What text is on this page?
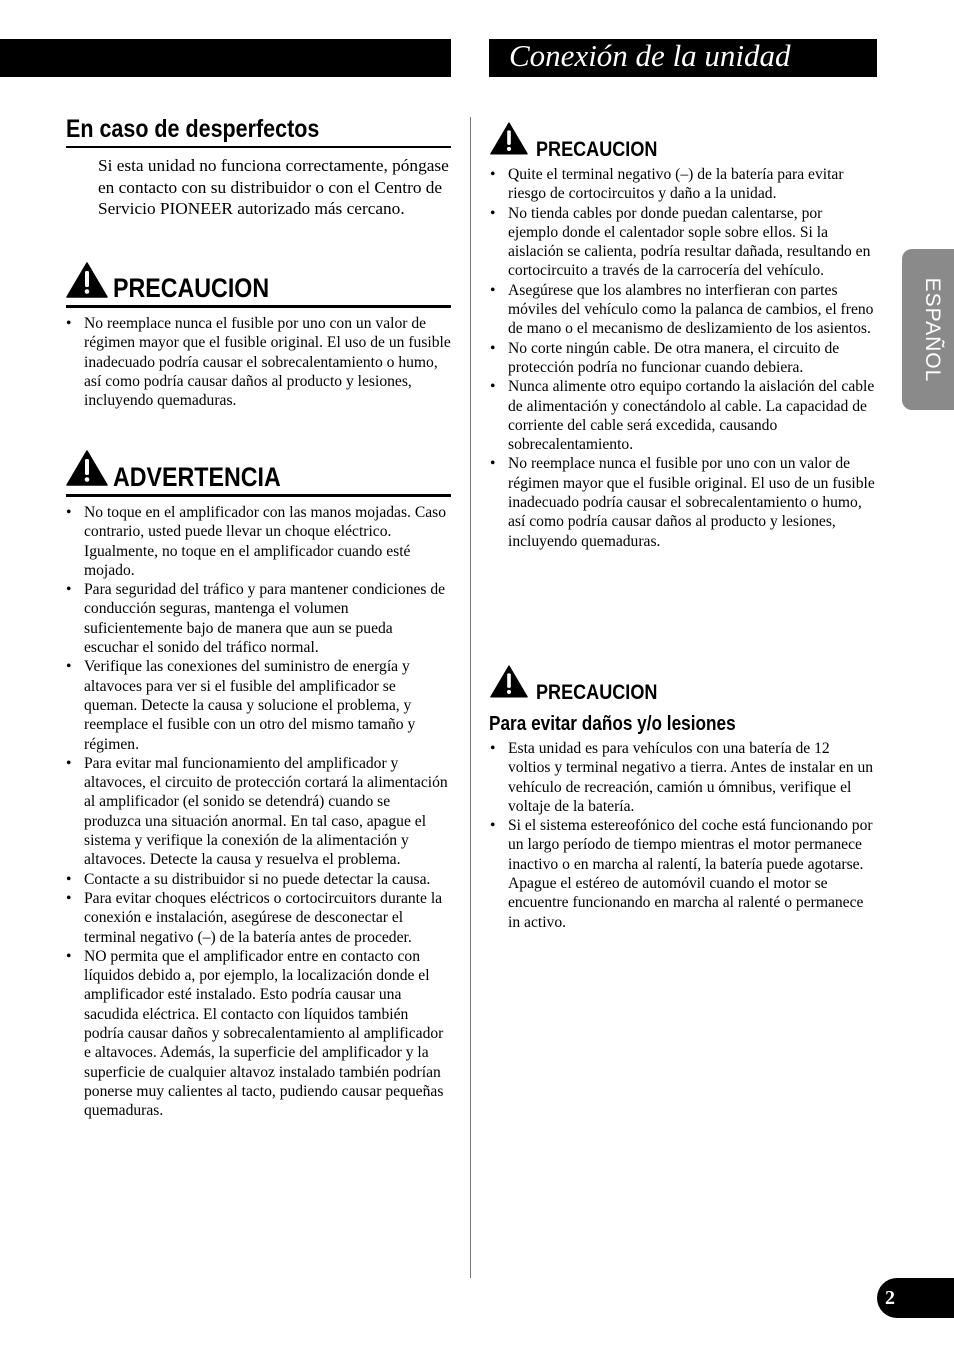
Conexión de la unidad
En caso de desperfectos
Si esta unidad no funciona correctamente, póngase en contacto con su distribuidor o con el Centro de Servicio PIONEER autorizado más cercano.
PRECAUCION
• No reemplace nunca el fusible por uno con un valor de régimen mayor que el fusible original. El uso de un fusible inadecuado podría causar el sobrecalentamiento o humo, así como podría causar daños al producto y lesiones, incluyendo quemaduras.
ADVERTENCIA
• No toque en el amplificador con las manos mojadas. Caso contrario, usted puede llevar un choque eléctrico. Igualmente, no toque en el amplificador cuando esté mojado.
• Para seguridad del tráfico y para mantener condiciones de conducción seguras, mantenga el volumen suficientemente bajo de manera que aun se pueda escuchar el sonido del tráfico normal.
• Verifique las conexiones del suministro de energía y altavoces para ver si el fusible del amplificador se queman. Detecte la causa y solucione el problema, y reemplace el fusible con un otro del mismo tamaño y régimen.
• Para evitar mal funcionamiento del amplificador y altavoces, el circuito de protección cortará la alimentación al amplificador (el sonido se detendrá) cuando se produzca una situación anormal. En tal caso, apague el sistema y verifique la conexión de la alimentación y altavoces. Detecte la causa y resuelva el problema.
• Contacte a su distribuidor si no puede detectar la causa.
• Para evitar choques eléctricos o cortocircuitors durante la conexión e instalación, asegúrese de desconectar el terminal negativo (–) de la batería antes de proceder.
• NO permita que el amplificador entre en contacto con líquidos debido a, por ejemplo, la localización donde el amplificador esté instalado. Esto podría causar una sacudida eléctrica. El contacto con líquidos también podría causar daños y sobrecalentamiento al amplificador e altavoces. Además, la superficie del amplificador y la superficie de cualquier altavoz instalado también podrían ponerse muy calientes al tacto, pudiendo causar pequeñas quemaduras.
PRECAUCION
• Quite el terminal negativo (–) de la batería para evitar riesgo de cortocircuitos y daño a la unidad.
• No tienda cables por donde puedan calentarse, por ejemplo donde el calentador sople sobre ellos. Si la aislación se calienta, podría resultar dañada, resultando en cortocircuito a través de la carrocería del vehículo.
• Asegúrese que los alambres no interfieran con partes móviles del vehículo como la palanca de cambios, el freno de mano o el mecanismo de deslizamiento de los asientos.
• No corte ningún cable. De otra manera, el circuito de protección podría no funcionar cuando debiera.
• Nunca alimente otro equipo cortando la aislación del cable de alimentación y conectándolo al cable. La capacidad de corriente del cable será excedida, causando sobrecalentamiento.
• No reemplace nunca el fusible por uno con un valor de régimen mayor que el fusible original. El uso de un fusible inadecuado podría causar el sobrecalentamiento o humo, así como podría causar daños al producto y lesiones, incluyendo quemaduras.
PRECAUCION
Para evitar daños y/o lesiones
• Esta unidad es para vehículos con una batería de 12 voltios y terminal negativo a tierra. Antes de instalar en un vehículo de recreación, camión u ómnibus, verifique el voltaje de la batería.
• Si el sistema estereofónico del coche está funcionando por un largo período de tiempo mientras el motor permanece inactivo o en marcha al ralentí, la batería puede agotarse. Apague el estéreo de automóvil cuando el motor se encuentre funcionando en marcha al ralenté o permanece in activo.
ESPAÑOL
2
